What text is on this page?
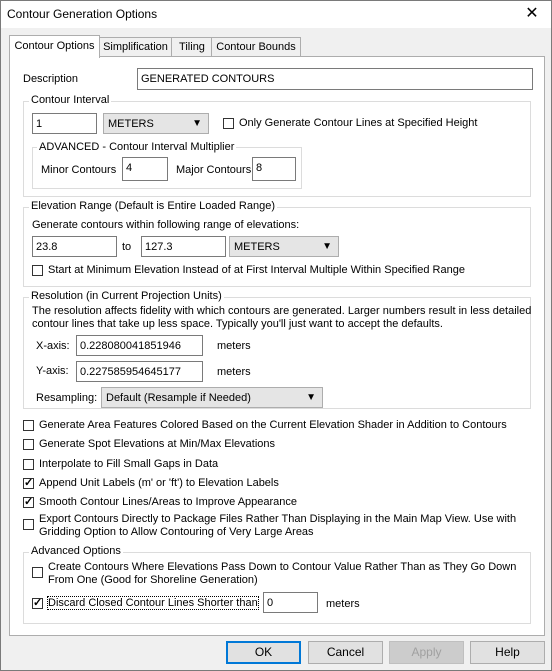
Contour Generation Options	✕
Contour Options Simplification	Tiling	Contour Bounds
Description	GENERATED CONTOURS
Contour Interval
1	METERS	▼	Only Generate Contour Lines at Specified Height
ADVANCED - Contour Interval Multiplier
Minor Contours 4	Major Contours 8
Elevation Range (Default is Entire Loaded Range)
Generate contours within following range of elevations:
23.8	to	127.3	METERS	▼
Start at Minimum Elevation Instead of at First Interval Multiple Within Specified Range
Resolution (in Current Projection Units)
The resolution affects fidelity with which contours are generated. Larger numbers result in less detailed
contour lines that take up less space. Typically you'll just want to accept the defaults.
X-axis: 0.228080041851946	meters
Y-axis:	0.227585954645177	meters
Resampling: Default (Resample if Needed)	▼
Generate Area Features Colored Based on the Current Elevation Shader in Addition to Contours
Generate Spot Elevations at Min/Max Elevations
Interpolate to Fill Small Gaps in Data
✓
Append Unit Labels (m' or 'ft') to Elevation Labels
✓
Smooth Contour Lines/Areas to Improve Appearance
Export Contours Directly to Package Files Rather Than Displaying in the Main Map View. Use with
Gridding Option to Allow Contouring of Very Large Areas
Advanced Options
Create Contours Where Elevations Pass Down to Contour Value Rather Than as They Go Down
From One (Good for Shoreline Generation)
✓
Discard Closed Contour Lines Shorter than 0	meters
OK	Cancel	Apply	Help
